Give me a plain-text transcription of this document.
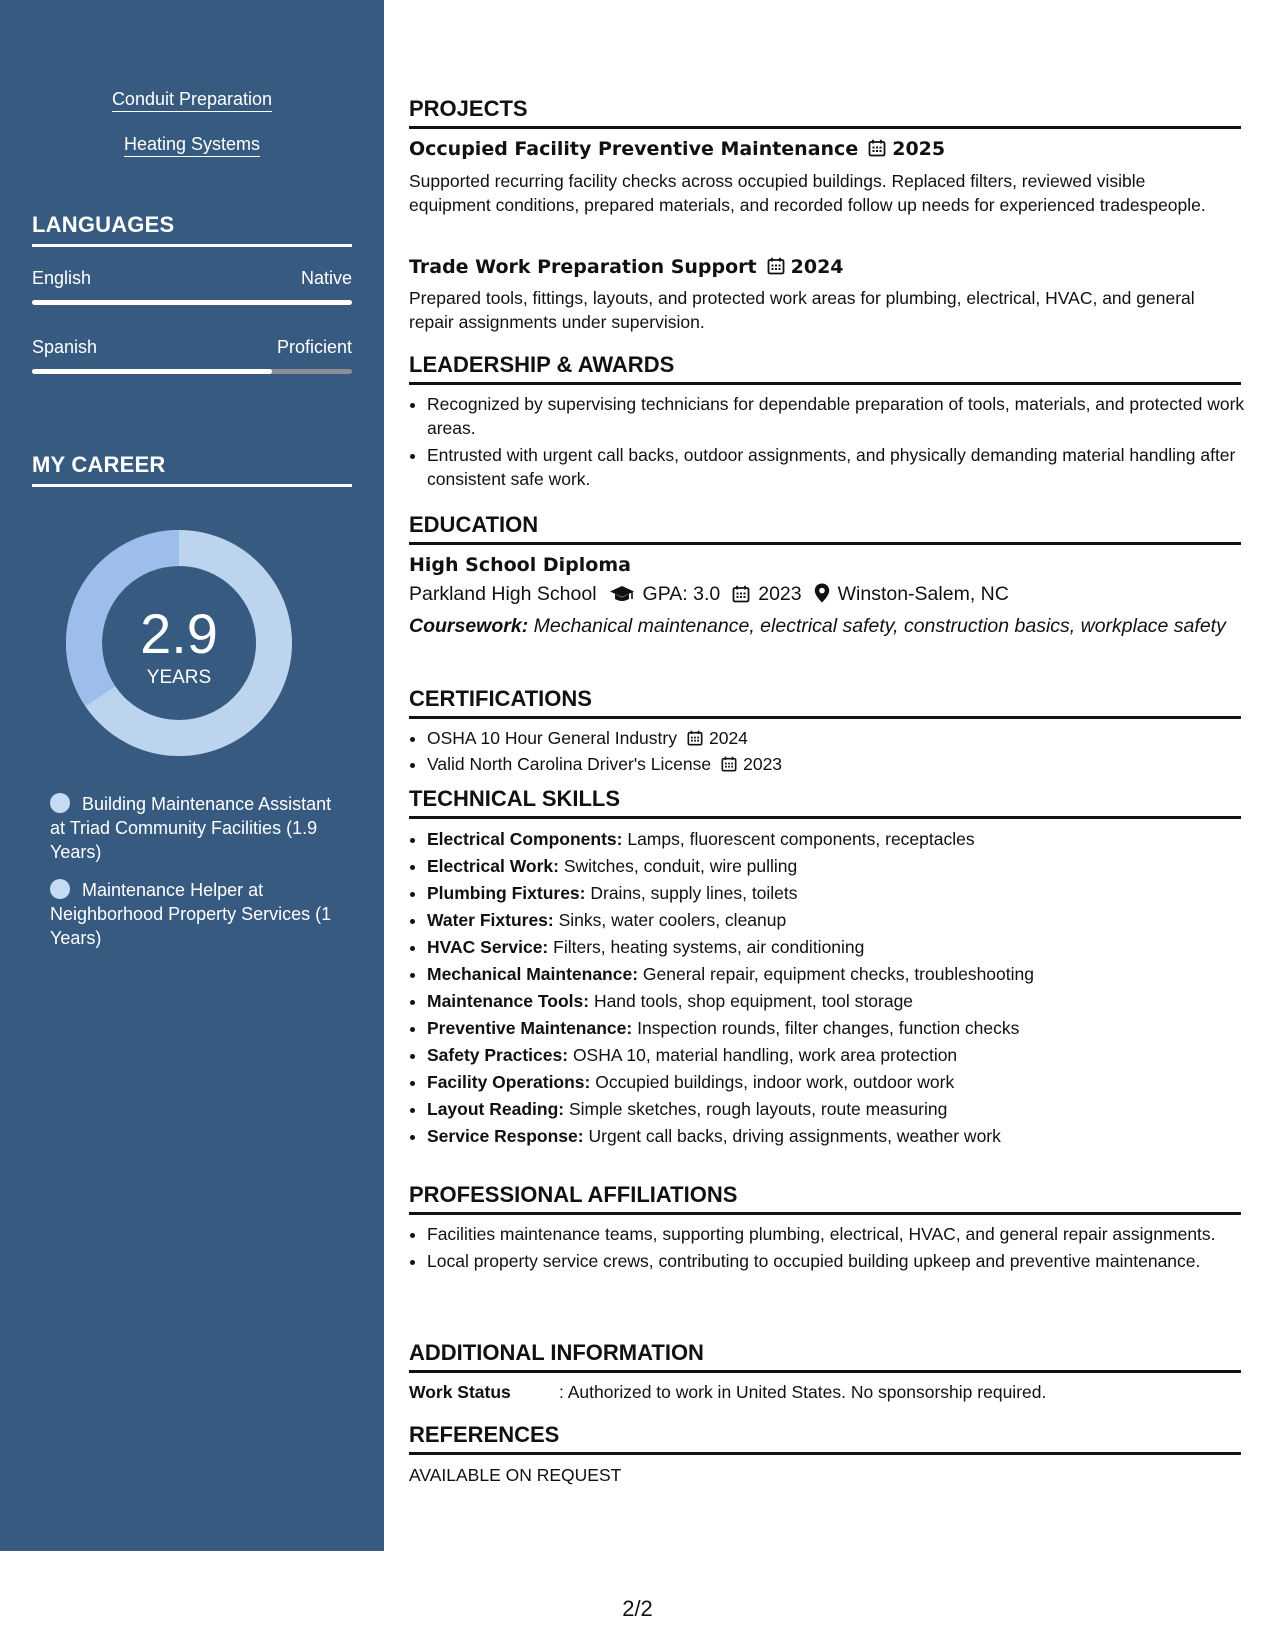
Conduit Preparation
Heating Systems
LANGUAGES
English	Native
Spanish	Proficient
MY CAREER
2.9
YEARS
Building Maintenance Assistant at Triad Community Facilities (1.9 Years)
Maintenance Helper at Neighborhood Property Services (1 Years)
PROJECTS
Occupied Facility Preventive Maintenance 2025
Supported recurring facility checks across occupied buildings. Replaced filters, reviewed visible equipment conditions, prepared materials, and recorded follow up needs for experienced tradespeople.
Trade Work Preparation Support 2024
Prepared tools, fittings, layouts, and protected work areas for plumbing, electrical, HVAC, and general repair assignments under supervision.
LEADERSHIP & AWARDS
• Recognized by supervising technicians for dependable preparation of tools, materials, and protected work areas.
• Entrusted with urgent call backs, outdoor assignments, and physically demanding material handling after consistent safe work.
EDUCATION
High School Diploma
Parkland High School GPA: 3.0 2023 Winston-Salem, NC
Coursework: Mechanical maintenance, electrical safety, construction basics, workplace safety
CERTIFICATIONS
• OSHA 10 Hour General Industry 2024
• Valid North Carolina Driver's License 2023
TECHNICAL SKILLS
• Electrical Components: Lamps, fluorescent components, receptacles
• Electrical Work: Switches, conduit, wire pulling
• Plumbing Fixtures: Drains, supply lines, toilets
• Water Fixtures: Sinks, water coolers, cleanup
• HVAC Service: Filters, heating systems, air conditioning
• Mechanical Maintenance: General repair, equipment checks, troubleshooting
• Maintenance Tools: Hand tools, shop equipment, tool storage
• Preventive Maintenance: Inspection rounds, filter changes, function checks
• Safety Practices: OSHA 10, material handling, work area protection
• Facility Operations: Occupied buildings, indoor work, outdoor work
• Layout Reading: Simple sketches, rough layouts, route measuring
• Service Response: Urgent call backs, driving assignments, weather work
PROFESSIONAL AFFILIATIONS
• Facilities maintenance teams, supporting plumbing, electrical, HVAC, and general repair assignments.
• Local property service crews, contributing to occupied building upkeep and preventive maintenance.
ADDITIONAL INFORMATION
Work Status	: Authorized to work in United States. No sponsorship required.
REFERENCES
AVAILABLE ON REQUEST
2/2
